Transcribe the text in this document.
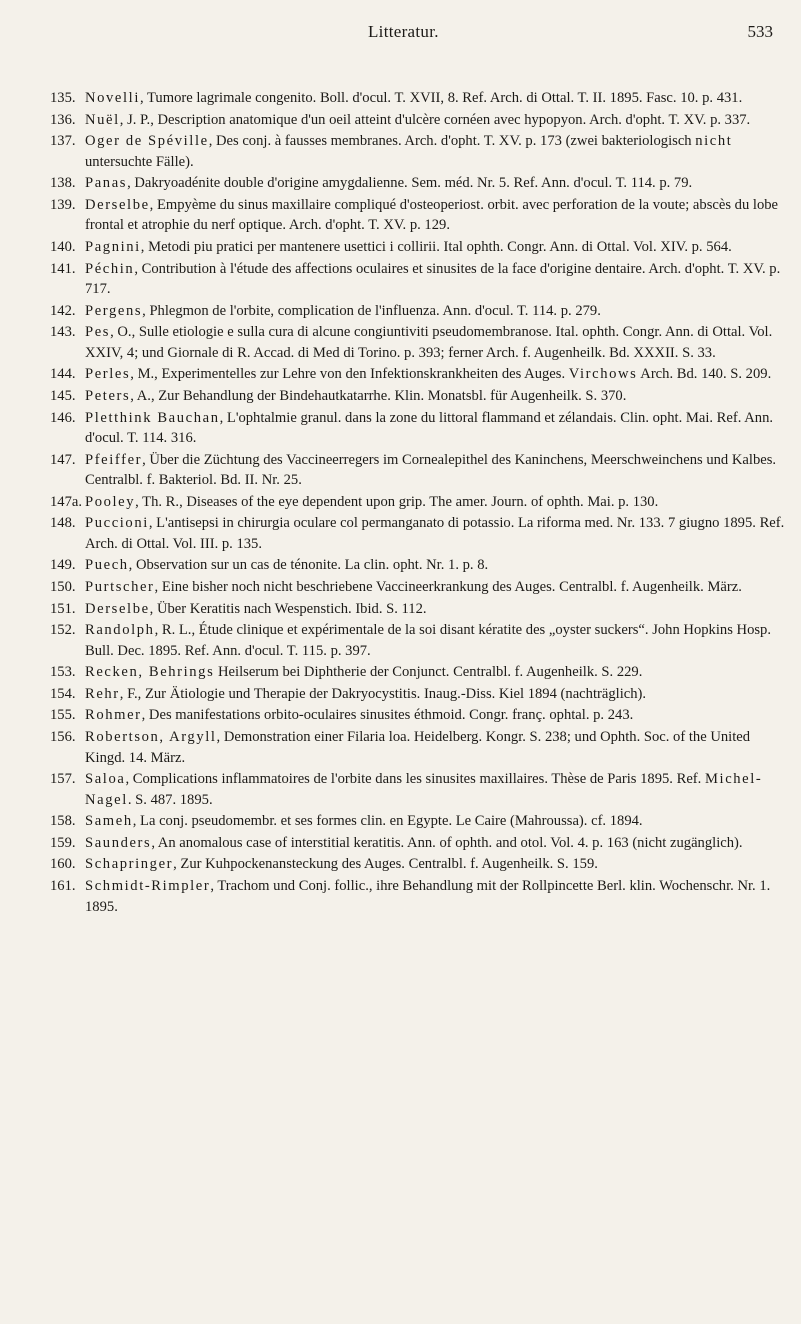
Litteratur.	533
135. Novelli, Tumore lagrimale congenito. Boll. d'ocul. T. XVII, 8. Ref. Arch. di Ottal. T. II. 1895. Fasc. 10. p. 431.
136. Nuël, J. P., Description anatomique d'un oeil atteint d'ulcère cornéen avec hypopyon. Arch. d'opht. T. XV. p. 337.
137. Oger de Spéville, Des conj. à fausses membranes. Arch. d'opht. T. XV. p. 173 (zwei bakteriologisch nicht untersuchte Fälle).
138. Panas, Dakryoadénite double d'origine amygdalienne. Sem. méd. Nr. 5. Ref. Ann. d'ocul. T. 114. p. 79.
139. Derselbe, Empyème du sinus maxillaire compliqué d'osteoperiost. orbit. avec perforation de la voute; abscès du lobe frontal et atrophie du nerf optique. Arch. d'opht. T. XV. p. 129.
140. Pagnini, Metodi piu pratici per mantenere usettici i collirii. Ital ophth. Congr. Ann. di Ottal. Vol. XIV. p. 564.
141. Péchin, Contribution à l'étude des affections oculaires et sinusites de la face d'origine dentaire. Arch. d'opht. T. XV. p. 717.
142. Pergens, Phlegmon de l'orbite, complication de l'influenza. Ann. d'ocul. T. 114. p. 279.
143. Pes, O., Sulle etiologie e sulla cura di alcune congiuntiviti pseudomembranose. Ital. ophth. Congr. Ann. di Ottal. Vol. XXIV, 4; und Giornale di R. Accad. di Med di Torino. p. 393; ferner Arch. f. Augenheilk. Bd. XXXII. S. 33.
144. Perles, M., Experimentelles zur Lehre von den Infektionskrankheiten des Auges. Virchows Arch. Bd. 140. S. 209.
145. Peters, A., Zur Behandlung der Bindehautkatarrhe. Klin. Monatsbl. für Augenheilk. S. 370.
146. Pletthink Bauchan, L'ophtalmie granul. dans la zone du littoral flammand et zélandais. Clin. opht. Mai. Ref. Ann. d'ocul. T. 114. 316.
147. Pfeiffer, Über die Züchtung des Vaccineerregers im Cornealepithel des Kaninchens, Meerschweinchens und Kalbes. Centralbl. f. Bakteriol. Bd. II. Nr. 25.
147a. Pooley, Th. R., Diseases of the eye dependent upon grip. The amer. Journ. of ophth. Mai. p. 130.
148. Puccioni, L'antisepsi in chirurgia oculare col permanganato di potassio. La riforma med. Nr. 133. 7 giugno 1895. Ref. Arch. di Ottal. Vol. III. p. 135.
149. Puech, Observation sur un cas de ténonite. La clin. opht. Nr. 1. p. 8.
150. Purtscher, Eine bisher noch nicht beschriebene Vaccineerkrankung des Auges. Centralbl. f. Augenheilk. März.
151. Derselbe, Über Keratitis nach Wespenstich. Ibid. S. 112.
152. Randolph, R. L., Étude clinique et expérimentale de la soi disant kératite des „oyster suckers“. John Hopkins Hosp. Bull. Dec. 1895. Ref. Ann. d'ocul. T. 115. p. 397.
153. Recken, Behrings Heilserum bei Diphtherie der Conjunct. Centralbl. f. Augenheilk. S. 229.
154. Rehr, F., Zur Ätiologie und Therapie der Dakryocystitis. Inaug.-Diss. Kiel 1894 (nachträglich).
155. Rohmer, Des manifestations orbito-oculaires sinusites éthmoid. Congr. franç. ophtal. p. 243.
156. Robertson, Argyll, Demonstration einer Filaria loa. Heidelberg. Kongr. S. 238; und Ophth. Soc. of the United Kingd. 14. März.
157. Saloa, Complications inflammatoires de l'orbite dans les sinusites maxillaires. Thèse de Paris 1895. Ref. Michel-Nagel. S. 487. 1895.
158. Sameh, La conj. pseudomembr. et ses formes clin. en Egypte. Le Caire (Mahroussa). cf. 1894.
159. Saunders, An anomalous case of interstitial keratitis. Ann. of ophth. and otol. Vol. 4. p. 163 (nicht zugänglich).
160. Schapringer, Zur Kuhpockenansteckung des Auges. Centralbl. f. Augenheilk. S. 159.
161. Schmidt-Rimpler, Trachom und Conj. follic., ihre Behandlung mit der Rollpincette Berl. klin. Wochenschr. Nr. 1. 1895.
